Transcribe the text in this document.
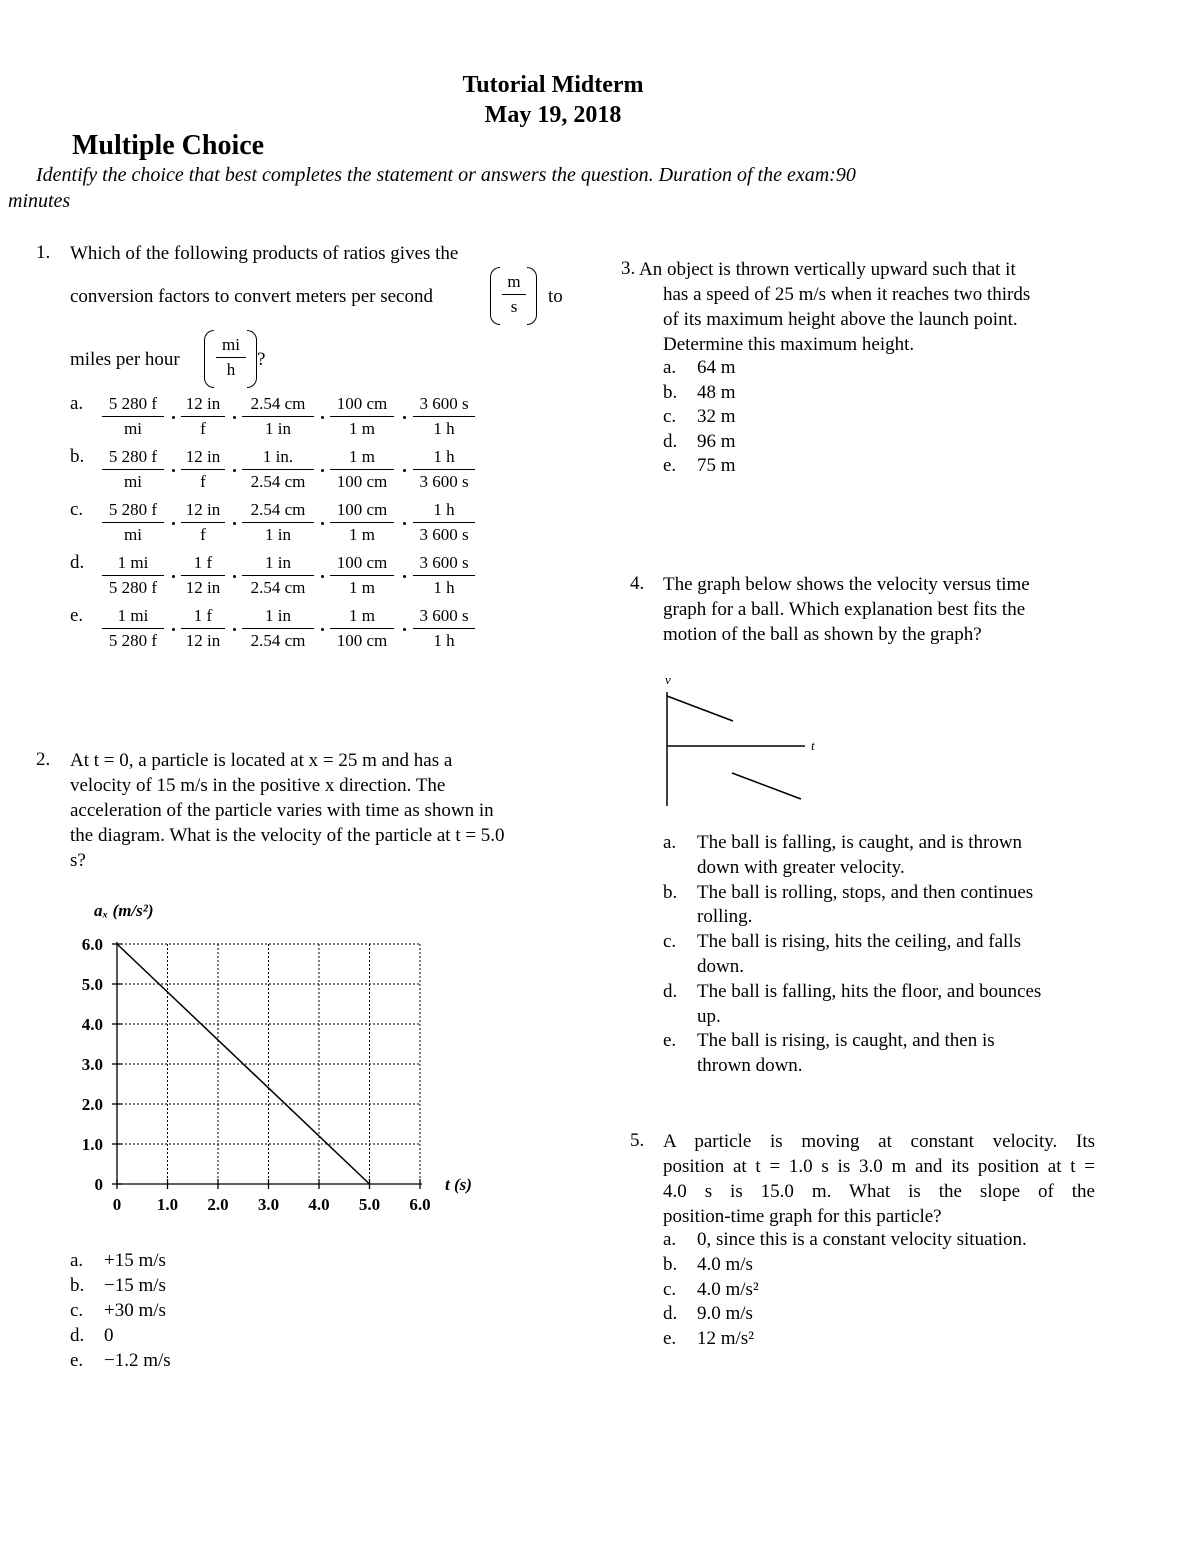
Tutorial Midterm
May 19, 2018
Multiple Choice
Identify the choice that best completes the statement or answers the question. Duration of the exam:90
minutes
1. Which of the following products of ratios gives the
conversion factors to convert meters per second	$\frac{m}{s}$ to
miles per hour $\frac{mi}{h}$ ?
a. $\frac{5 280 f}{mi} \frac{12 in}{f} \frac{2.54 cm}{1 in} \frac{100 cm}{1 m} \frac{3 600 s}{1 h}$
b. $\frac{5 280 f}{mi} \frac{12 in}{f} \frac{1 in.}{2.54 cm} \frac{1 m}{100 cm} \frac{1 h}{3 600 s}$
c. $\frac{5 280 f}{mi} \frac{12 in}{f} \frac{2.54 cm}{1 in} \frac{100 cm}{1 m} \frac{1 h}{3 600 s}$
d. $\frac{1 mi}{5 280 f} \frac{1 f}{12 in} \frac{1 in}{2.54 cm} \frac{100 cm}{1 m} \frac{3 600 s}{1 h}$
e. $\frac{1 mi}{5 280 f} \frac{1 f}{12 in} \frac{1 in}{2.54 cm} \frac{1 m}{100 cm} \frac{3 600 s}{1 h}$
2. At t = 0, a particle is located at x = 25 m and has a
velocity of 15 m/s in the positive x direction. The
acceleration of the particle varies with time as shown in
the diagram. What is the velocity of the particle at t = 5.0
s?
0 1.0 2.0 3.0 4.0 5.0 6.0
0
1.0
2.0
3.0
4.0
5.0
6.0
aₓ (m/s²)
t (s)
a. +15 m/s
b. −15 m/s
c. +30 m/s
d. 0
e. −1.2 m/s
3. An object is thrown vertically upward such that it
has a speed of 25 m/s when it reaches two thirds
of its maximum height above the launch point.
Determine this maximum height.
a. 64 m
b. 48 m
c. 32 m
d. 96 m
e. 75 m
4. The graph below shows the velocity versus time
graph for a ball. Which explanation best fits the
motion of the ball as shown by the graph?
v
t
a. The ball is falling, is caught, and is thrown
down with greater velocity.
b. The ball is rolling, stops, and then continues
rolling.
c. The ball is rising, hits the ceiling, and falls
down.
d. The ball is falling, hits the floor, and bounces
up.
e. The ball is rising, is caught, and then is
thrown down.
5. A particle is moving at constant velocity. Its
position at t = 1.0 s is 3.0 m and its position at t =
4.0 s is 15.0 m. What is the slope of the
position-time graph for this particle?
a. 0, since this is a constant velocity situation.
b. 4.0 m/s
c. 4.0 m/s²
d. 9.0 m/s
e. 12 m/s²
